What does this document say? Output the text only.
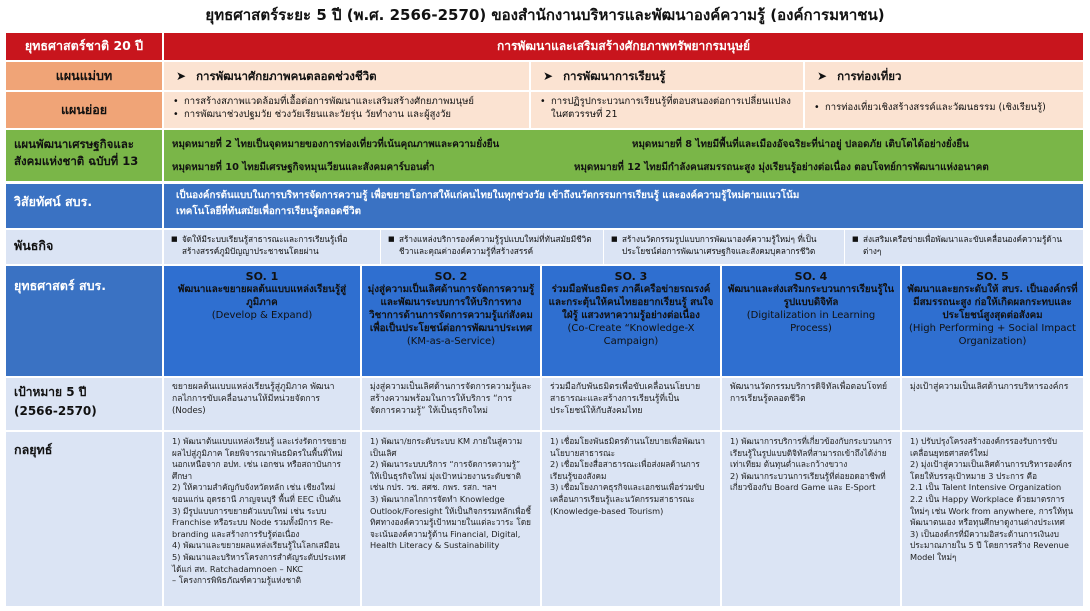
ยุทธศาสตร์ระยะ 5 ปี (พ.ศ. 2566-2570) ของสำนักงานบริหารและพัฒนาองค์ความรู้ (องค์การมหาชน)
ยุทธศาสตร์ชาติ 20 ปี	การพัฒนาและเสริมสร้างศักยภาพทรัพยากรมนุษย์
แผนแม่บท	➤ การพัฒนาศักยภาพคนตลอดช่วงชีวิต	➤ การพัฒนาการเรียนรู้	➤ การท่องเที่ยว
แผนย่อย
• การสร้างสภาพแวดล้อมที่เอื้อต่อการพัฒนาและเสริมสร้างศักยภาพมนุษย์
• การพัฒนาช่วงปฐมวัย ช่วงวัยเรียนและวัยรุ่น วัยทำงาน และผู้สูงวัย
• การปฏิรูปกระบวนการเรียนรู้ที่ตอบสนองต่อการเปลี่ยนแปลงในศตวรรษที่ 21
• การท่องเที่ยวเชิงสร้างสรรค์และวัฒนธรรม (เชิงเรียนรู้)
แผนพัฒนาเศรษฐกิจและ
สังคมแห่งชาติ ฉบับที่ 13
หมุดหมายที่ 2 ไทยเป็นจุดหมายของการท่องเที่ยวที่เน้นคุณภาพและความยั่งยืน	หมุดหมายที่ 8 ไทยมีพื้นที่และเมืองอัจฉริยะที่น่าอยู่ ปลอดภัย เติบโตได้อย่างยั่งยืน
หมุดหมายที่ 10 ไทยมีเศรษฐกิจหมุนเวียนและสังคมคาร์บอนต่ำ	หมุดหมายที่ 12 ไทยมีกำลังคนสมรรถนะสูง มุ่งเรียนรู้อย่างต่อเนื่อง ตอบโจทย์การพัฒนาแห่งอนาคต
วิสัยทัศน์ สบร.	เป็นองค์กรต้นแบบในการบริหารจัดการความรู้ เพื่อขยายโอกาสให้แก่คนไทยในทุกช่วงวัย เข้าถึงนวัตกรรมการเรียนรู้ และองค์ความรู้ใหม่ตามแนวโน้ม
เทคโนโลยีที่ทันสมัยเพื่อการเรียนรู้ตลอดชีวิต
พันธกิจ
■	จัดให้มีระบบเรียนรู้สาธารณะและการเรียนรู้เพื่อสร้างสรรค์ภูมิปัญญาประชาชนโดยผ่าน
■ สร้างแหล่งบริการองค์ความรู้รูปแบบใหม่ที่ทันสมัยมีชีวิตชีวาและคุณค่าองค์ความรู้ที่สร้างสรรค์
■ สร้างนวัตกรรมรูปแบบการพัฒนาองค์ความรู้ใหม่ๆ ที่เป็นประโยชน์ต่อการพัฒนาเศรษฐกิจและสังคมบุคลากรชีวิต
■ ส่งเสริมเครือข่ายเพื่อพัฒนาและขับเคลื่อนองค์ความรู้ด้านต่างๆ
ยุทธศาสตร์ สบร.
SO. 1
พัฒนาและขยายผลต้นแบบแหล่งเรียนรู้สู่ภูมิภาค
(Develop & Expand)
SO. 2
มุ่งสู่ความเป็นเลิศด้านการจัดการความรู้ และพัฒนาระบบการให้บริการทางวิชาการด้านการจัดการความรู้แก่สังคมเพื่อเป็นประโยชน์ต่อการพัฒนาประเทศ
(KM-as-a-Service)
SO. 3
ร่วมมือพันธมิตร ภาคีเครือข่ายรณรงค์และกระตุ้นให้คนไทยอยากเรียนรู้ สนใจใฝ่รู้ แสวงหาความรู้อย่างต่อเนื่อง
(Co-Create “Knowledge-X Campaign)
SO. 4
พัฒนาและส่งเสริมกระบวนการเรียนรู้ในรูปแบบดิจิทัล
(Digitalization in Learning Process)
SO. 5
พัฒนาและยกระดับให้ สบร. เป็นองค์กรที่มีสมรรถนะสูง ก่อให้เกิดผลกระทบและประโยชน์สูงสุดต่อสังคม
(High Performing + Social Impact Organization)
เป้าหมาย 5 ปี
(2566-2570)
ขยายผลต้นแบบแหล่งเรียนรู้สู่ภูมิภาค พัฒนากลไกการขับเคลื่อนงานให้มีหน่วยจัดการ (Nodes)
มุ่งสู่ความเป็นเลิศด้านการจัดการความรู้และสร้างความพร้อมในการให้บริการ “การจัดการความรู้” ให้เป็นธุรกิจใหม่
ร่วมมือกับพันธมิตรเพื่อขับเคลื่อนนโยบายสาธารณะและสร้างการเรียนรู้ที่เป็นประโยชน์ให้กับสังคมไทย
พัฒนานวัตกรรมบริการดิจิทัลเพื่อตอบโจทย์การเรียนรู้ตลอดชีวิต
มุ่งเป้าสู่ความเป็นเลิศด้านการบริหารองค์กร
กลยุทธ์
1) พัฒนาต้นแบบแหล่งเรียนรู้ และเร่งรัดการขยายผลไปสู่ภูมิภาค โดยพิจารณาพันธมิตรในพื้นที่ใหม่นอกเหนือจาก อปท. เช่น เอกชน หรือสถาบันการศึกษา
2) ให้ความสำคัญกับจังหวัดหลัก เช่น เชียงใหม่ ขอนแก่น อุดรธานี ภาญจนบุรี พื้นที่ EEC เป็นต้น
3) มีรูปแบบการขยายตัวแบบใหม่ เช่น ระบบ Franchise หรือระบบ Node รวมทั้งมีการ Re-branding และสร้างการรับรู้ต่อเนื่อง
4) พัฒนาและขยายผลแหล่งเรียนรู้ในโลกเสมือน
5) พัฒนาและบริหารโครงการสำคัญระดับประเทศ ได้แก่ สท. Ratchadamnoen – NKC
– โครงการพิพิธภัณฑ์ความรู้แห่งชาติ
1) พัฒนา/ยกระดับระบบ KM ภายในสู่ความเป็นเลิศ
2) พัฒนาระบบบริการ “การจัดการความรู้” ให้เป็นธุรกิจใหม่ มุ่งเป้าหน่วยงานระดับชาติ เช่น กปร. วช. สศช. กพร. รสก. ฯลฯ
3) พัฒนากลไกการจัดทำ Knowledge Outlook/Foresight ให้เป็นกิจกรรมหลักเพื่อชี้ทิศทางองค์ความรู้เป้าหมายในแต่ละวาระ โดยจะเน้นองค์ความรู้ด้าน Financial, Digital, Health Literacy & Sustainability
1) เชื่อมโยงพันธมิตรด้านนโยบายเพื่อพัฒนานโยบายสาธารณะ
2) เชื่อมโยงสื่อสาธารณะเพื่อส่งผลด้านการเรียนรู้ของสังคม
3) เชื่อมโยงภาคธุรกิจและเอกชนเพื่อร่วมขับเคลื่อนการเรียนรู้และนวัตกรรมสาธารณะ (Knowledge-based Tourism)
1) พัฒนาการบริการที่เกี่ยวข้องกับกระบวนการเรียนรู้ในรูปแบบดิจิทัลที่สามารถเข้าถึงได้ง่าย เท่าเทียม ต้นทุนต่ำและกว้างขวาง
2) พัฒนากระบวนการเรียนรู้ที่ต่อยอดอาชีพที่เกี่ยวข้องกับ Board Game และ E-Sport
1) ปรับปรุงโครงสร้างองค์กรรองรับการขับเคลื่อนยุทธศาสตร์ใหม่
2) มุ่งเป้าสู่ความเป็นเลิศด้านการบริหารองค์กรโดยให้บรรลุเป้าหมาย 3 ประการ คือ
2.1 เป็น Talent Intensive Organization
2.2 เป็น Happy Workplace ด้วยมาตรการใหม่ๆ เช่น Work from anywhere, การให้ทุนพัฒนาตนเอง หรือทุนศึกษาดูงานต่างประเทศ
3) เป็นองค์กรที่มีความอิสระด้านการเงินงบประมาณภายใน 5 ปี โดยการสร้าง Revenue Model ใหม่ๆ
